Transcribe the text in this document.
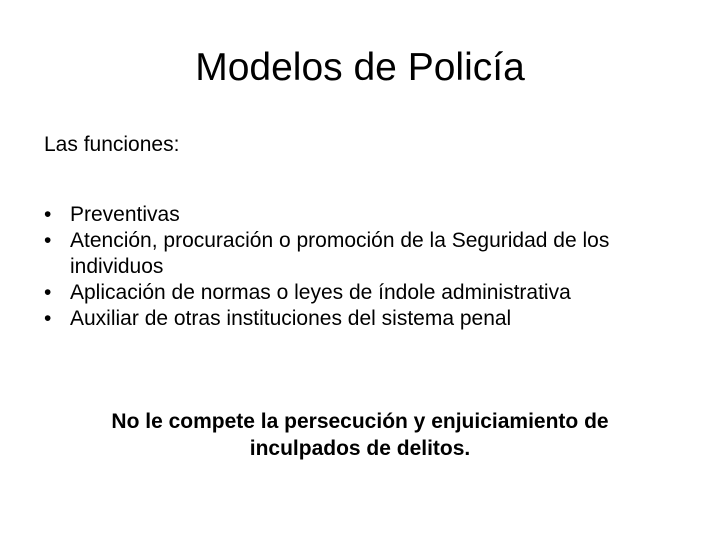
Modelos de Policía

Las funciones:

• Preventivas
• Atención, procuración o promoción de la Seguridad de los individuos
• Aplicación de normas o leyes de índole administrativa
• Auxiliar de otras instituciones del sistema penal

No le compete la persecución y enjuiciamiento de inculpados de delitos.
